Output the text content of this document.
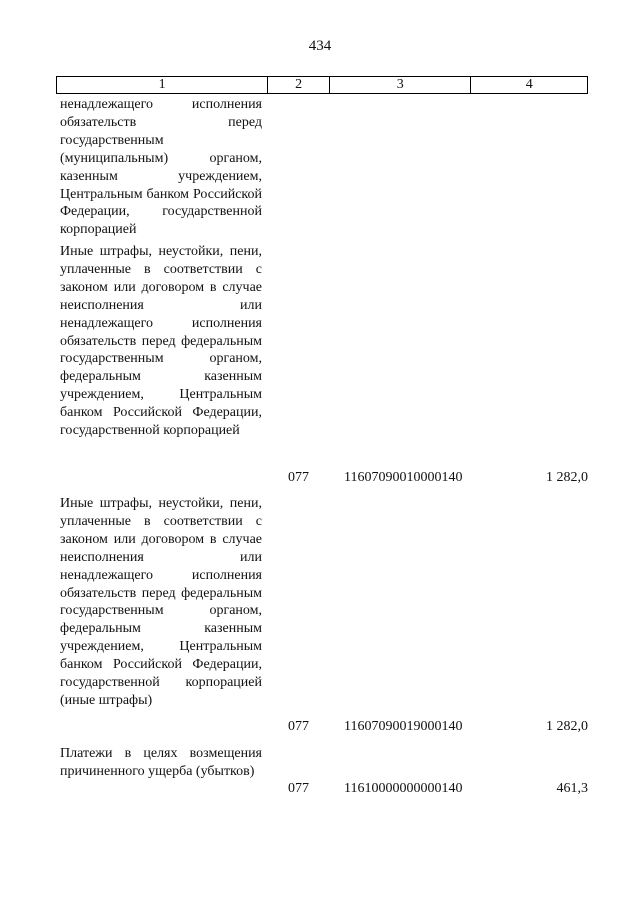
434
1	2	3	4
ненадлежащего исполнения обязательств перед государственным (муниципальным) органом, казенным учреждением, Центральным банком Российской Федерации, государственной корпорацией
Иные штрафы, неустойки, пени, уплаченные в соответствии с законом или договором в случае неисполнения или ненадлежащего исполнения обязательств перед федеральным государственным органом, федеральным казенным учреждением, Центральным банком Российской Федерации, государственной корпорацией
077	11607090010000140	1 282,0
Иные штрафы, неустойки, пени, уплаченные в соответствии с законом или договором в случае неисполнения или ненадлежащего исполнения обязательств перед федеральным государственным органом, федеральным казенным учреждением, Центральным банком Российской Федерации, государственной корпорацией (иные штрафы)
077	11607090019000140	1 282,0
Платежи в целях возмещения причиненного ущерба (убытков)
077	11610000000000140	461,3
